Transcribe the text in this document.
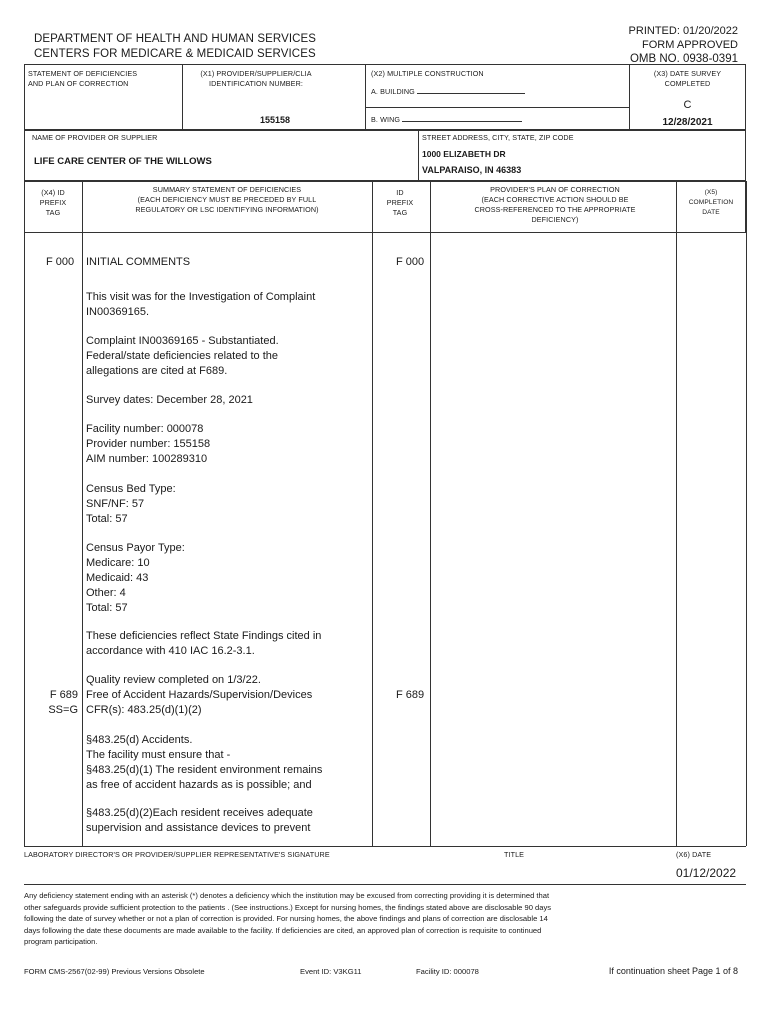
DEPARTMENT OF HEALTH AND HUMAN SERVICES
CENTERS FOR MEDICARE & MEDICAID SERVICES
PRINTED: 01/20/2022
FORM APPROVED
OMB NO. 0938-0391
STATEMENT OF DEFICIENCIES
AND PLAN OF CORRECTION
(X1) PROVIDER/SUPPLIER/CLIA
IDENTIFICATION NUMBER:
155158
(X2) MULTIPLE CONSTRUCTION
A. BUILDING
B. WING
(X3) DATE SURVEY
COMPLETED
C
12/28/2021
NAME OF PROVIDER OR SUPPLIER
LIFE CARE CENTER OF THE WILLOWS
STREET ADDRESS, CITY, STATE, ZIP CODE
1000 ELIZABETH DR
VALPARAISO, IN 46383
(X4) ID
PREFIX
TAG
SUMMARY STATEMENT OF DEFICIENCIES
(EACH DEFICIENCY MUST BE PRECEDED BY FULL
REGULATORY OR LSC IDENTIFYING INFORMATION)
ID
PREFIX
TAG
PROVIDER'S PLAN OF CORRECTION
(EACH CORRECTIVE ACTION SHOULD BE
CROSS-REFERENCED TO THE APPROPRIATE
DEFICIENCY)
(X5)
COMPLETION
DATE
F 000 INITIAL COMMENTS	F 000
This visit was for the Investigation of Complaint
IN00369165.
Complaint IN00369165 - Substantiated.
Federal/state deficiencies related to the
allegations are cited at F689.
Survey dates: December 28, 2021
Facility number: 000078
Provider number: 155158
AIM number: 100289310
Census Bed Type:
SNF/NF: 57
Total: 57
Census Payor Type:
Medicare: 10
Medicaid: 43
Other: 4
Total: 57
These deficiencies reflect State Findings cited in
accordance with 410 IAC 16.2-3.1.
Quality review completed on 1/3/22.
F 689
SS=G
Free of Accident Hazards/Supervision/Devices
CFR(s): 483.25(d)(1)(2)
F 689
§483.25(d) Accidents.
The facility must ensure that -
§483.25(d)(1) The resident environment remains
as free of accident hazards as is possible; and
§483.25(d)(2)Each resident receives adequate
supervision and assistance devices to prevent
LABORATORY DIRECTOR'S OR PROVIDER/SUPPLIER REPRESENTATIVE'S SIGNATURE	TITLE	(X6) DATE
01/12/2022
Any deficiency statement ending with an asterisk (*) denotes a deficiency which the institution may be excused from correcting providing it is determined that
other safeguards provide sufficient protection to the patients . (See instructions.) Except for nursing homes, the findings stated above are disclosable 90 days
following the date of survey whether or not a plan of correction is provided. For nursing homes, the above findings and plans of correction are disclosable 14
days following the date these documents are made available to the facility. If deficiencies are cited, an approved plan of correction is requisite to continued
program participation.
FORM CMS-2567(02-99) Previous Versions Obsolete	Event ID: V3KG11	Facility ID: 000078	If continuation sheet Page 1 of 8
